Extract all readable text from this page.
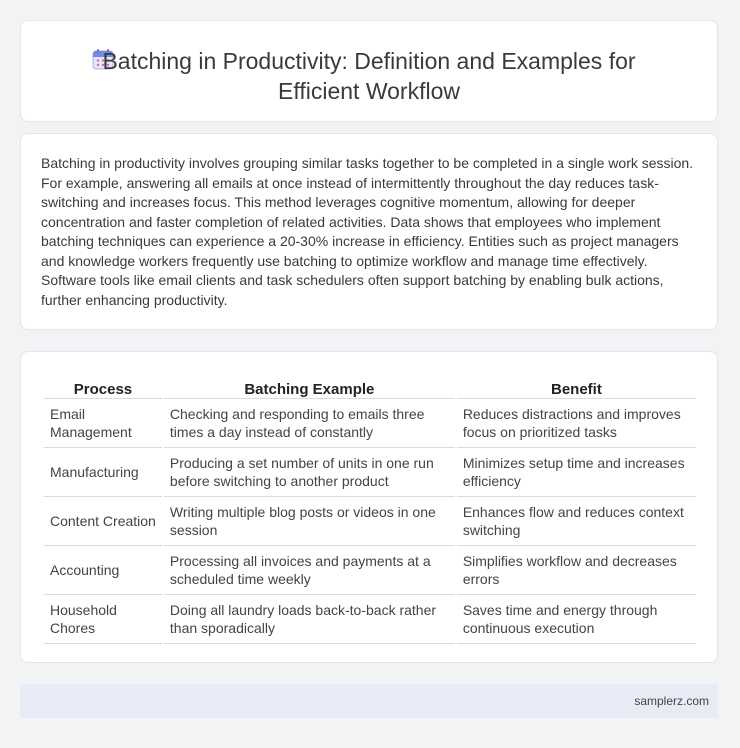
Batching in Productivity: Definition and Examples for Efficient Workflow

Batching in productivity involves grouping similar tasks together to be completed in a single work session. For example, answering all emails at once instead of intermittently throughout the day reduces task-switching and increases focus. This method leverages cognitive momentum, allowing for deeper concentration and faster completion of related activities. Data shows that employees who implement batching techniques can experience a 20-30% increase in efficiency. Entities such as project managers and knowledge workers frequently use batching to optimize workflow and manage time effectively. Software tools like email clients and task schedulers often support batching by enabling bulk actions, further enhancing productivity.

Process	Batching Example	Benefit
Email Management	Checking and responding to emails three times a day instead of constantly	Reduces distractions and improves focus on prioritized tasks
Manufacturing	Producing a set number of units in one run before switching to another product	Minimizes setup time and increases efficiency
Content Creation	Writing multiple blog posts or videos in one session	Enhances flow and reduces context switching
Accounting	Processing all invoices and payments at a scheduled time weekly	Simplifies workflow and decreases errors
Household Chores	Doing all laundry loads back-to-back rather than sporadically	Saves time and energy through continuous execution
samplerz.com
